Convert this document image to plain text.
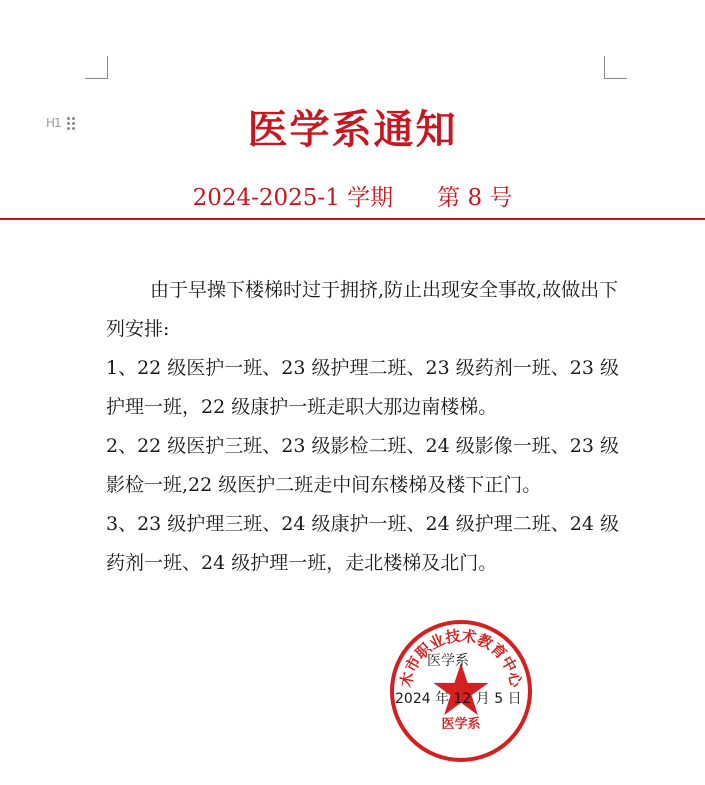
H1	医学系通知
2024-2025-1 学期 第 8 号

由于早操下楼梯时过于拥挤,防止出现安全事故,故做出下列安排:

1、22 级医护一班、23 级护理二班、23 级药剂一班、23 级护理一班，22 级康护一班走职大那边南楼梯。

2、22 级医护三班、23 级影检二班、24 级影像一班、23 级影检一班,22 级医护二班走中间东楼梯及楼下正门。

3、23 级护理三班、24 级康护一班、24 级护理二班、24 级药剂一班、24 级护理一班，走北楼梯及北门。

木市职业技术教育中心
医学系
医学系
2024 年 12 月 5 日
